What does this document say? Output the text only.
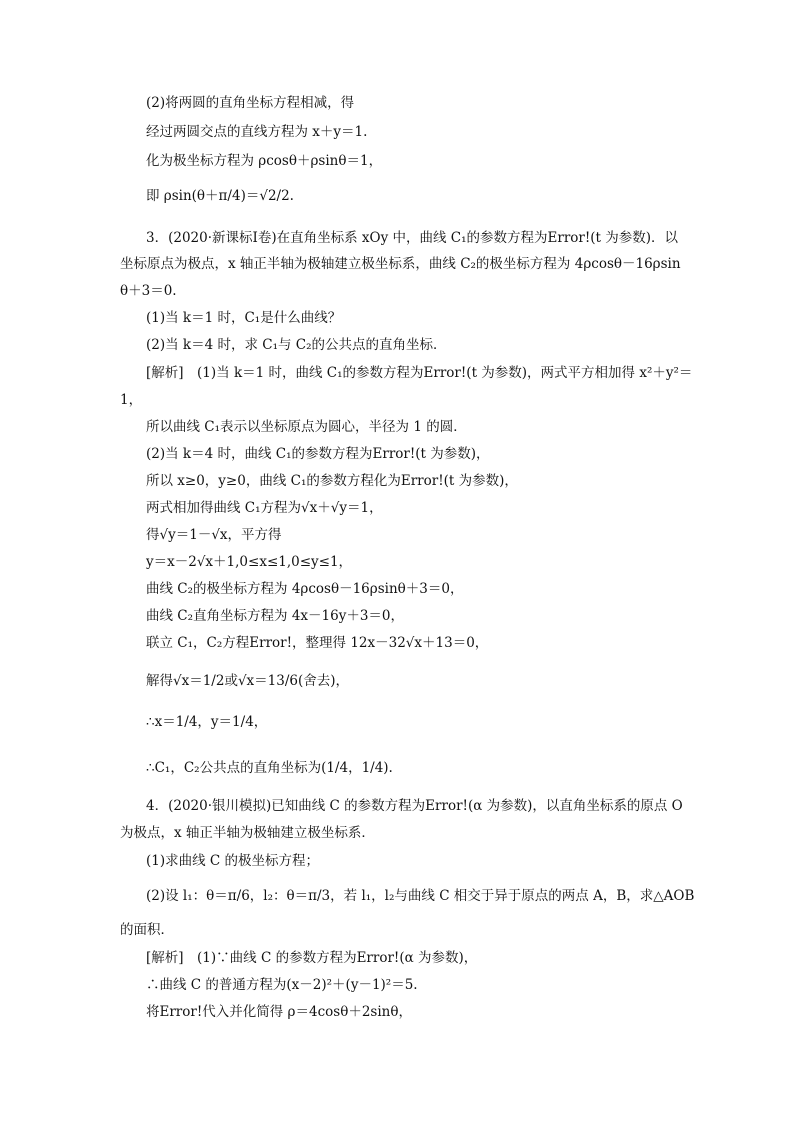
(2)将两圆的直角坐标方程相减，得
经过两圆交点的直线方程为 x＋y＝1.
化为极坐标方程为 ρcosθ＋ρsinθ＝1，
即 ρsin(θ＋π/4)＝√2/2.
3．(2020·新课标Ⅰ卷)在直角坐标系 xOy 中，曲线 C₁的参数方程为Error!(t 为参数)．以
坐标原点为极点，x 轴正半轴为极轴建立极坐标系，曲线 C₂的极坐标方程为 4ρcosθ－16ρsin
θ＋3＝0.
(1)当 k＝1 时，C₁是什么曲线？
(2)当 k＝4 时，求 C₁与 C₂的公共点的直角坐标．
[解析]　(1)当 k＝1 时，曲线 C₁的参数方程为Error!(t 为参数)，两式平方相加得 x²＋y²＝
1，
所以曲线 C₁表示以坐标原点为圆心，半径为 1 的圆．
(2)当 k＝4 时，曲线 C₁的参数方程为Error!(t 为参数)，
所以 x≥0，y≥0，曲线 C₁的参数方程化为Error!(t 为参数)，
两式相加得曲线 C₁方程为√x＋√y＝1，
得√y＝1－√x，平方得
y＝x－2√x＋1,0≤x≤1,0≤y≤1，
曲线 C₂的极坐标方程为 4ρcosθ－16ρsinθ＋3＝0，
曲线 C₂直角坐标方程为 4x－16y＋3＝0，
联立 C₁，C₂方程Error!，整理得 12x－32√x＋13＝0，
解得√x＝1/2或√x＝13/6(舍去)，
∴x＝1/4，y＝1/4，
∴C₁，C₂公共点的直角坐标为(1/4，1/4).
4．(2020·银川模拟)已知曲线 C 的参数方程为Error!(α 为参数)，以直角坐标系的原点 O
为极点，x 轴正半轴为极轴建立极坐标系．
(1)求曲线 C 的极坐标方程；
(2)设 l₁：θ＝π/6，l₂：θ＝π/3，若 l₁，l₂与曲线 C 相交于异于原点的两点 A，B，求△AOB
的面积．
[解析]　(1)∵曲线 C 的参数方程为Error!(α 为参数)，
∴曲线 C 的普通方程为(x－2)²＋(y－1)²＝5.
将Error!代入并化简得 ρ＝4cosθ＋2sinθ，
